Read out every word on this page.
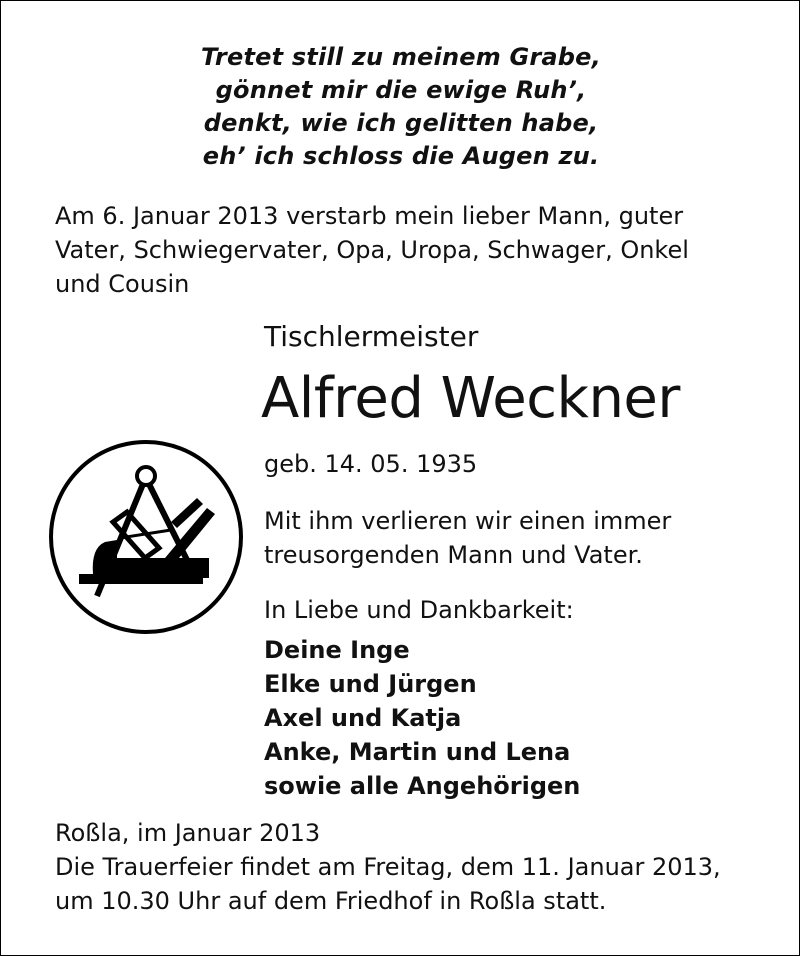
Tretet still zu meinem Grabe,
gönnet mir die ewige Ruh’,
denkt, wie ich gelitten habe,
eh’ ich schloss die Augen zu.
Am 6. Januar 2013 verstarb mein lieber Mann, guter
Vater, Schwiegervater, Opa, Uropa, Schwager, Onkel
und Cousin
Tischlermeister
Alfred Weckner
geb. 14. 05. 1935
Mit ihm verlieren wir einen immer
treusorgenden Mann und Vater.
In Liebe und Dankbarkeit:
Deine Inge
Elke und Jürgen
Axel und Katja
Anke, Martin und Lena
sowie alle Angehörigen
Roßla, im Januar 2013
Die Trauerfeier findet am Freitag, dem 11. Januar 2013,
um 10.30 Uhr auf dem Friedhof in Roßla statt.
